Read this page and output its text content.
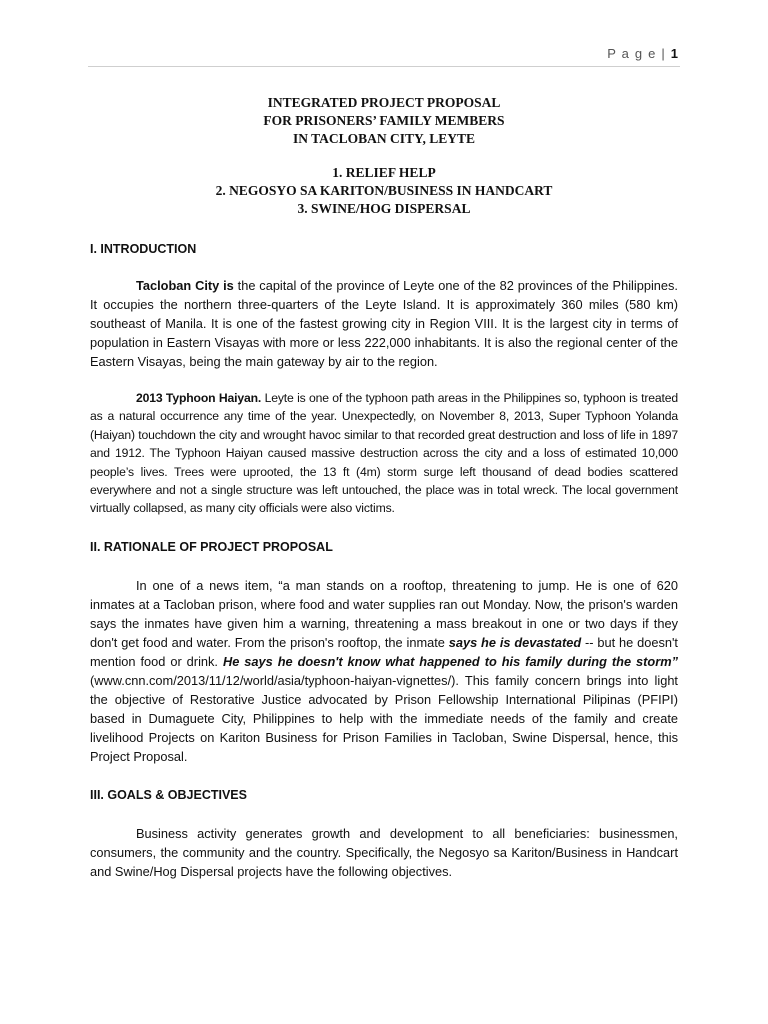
P a g e | 1

INTEGRATED PROJECT PROPOSAL

FOR PRISONERS’ FAMILY MEMBERS

IN TACLOBAN CITY, LEYTE

1. RELIEF HELP

2. NEGOSYO SA KARITON/BUSINESS IN HANDCART

3. SWINE/HOG DISPERSAL

I. INTRODUCTION

Tacloban City is the capital of the province of Leyte one of the 82 provinces of the Philippines. It occupies the northern three-quarters of the Leyte Island. It is approximately 360 miles (580 km) southeast of Manila. It is one of the fastest growing city in Region VIII. It is the largest city in terms of population in Eastern Visayas with more or less 222,000 inhabitants. It is also the regional center of the Eastern Visayas, being the main gateway by air to the region.

2013 Typhoon Haiyan. Leyte is one of the typhoon path areas in the Philippines so, typhoon is treated as a natural occurrence any time of the year. Unexpectedly, on November 8, 2013, Super Typhoon Yolanda (Haiyan) touchdown the city and wrought havoc similar to that recorded great destruction and loss of life in 1897 and 1912. The Typhoon Haiyan caused massive destruction across the city and a loss of estimated 10,000 people’s lives. Trees were uprooted, the 13 ft (4m) storm surge left thousand of dead bodies scattered everywhere and not a single structure was left untouched, the place was in total wreck. The local government virtually collapsed, as many city officials were also victims.

II. RATIONALE OF PROJECT PROPOSAL

In one of a news item, “a man stands on a rooftop, threatening to jump. He is one of 620 inmates at a Tacloban prison, where food and water supplies ran out Monday. Now, the prison's warden says the inmates have given him a warning, threatening a mass breakout in one or two days if they don't get food and water. From the prison's rooftop, the inmate says he is devastated -- but he doesn't mention food or drink. He says he doesn't know what happened to his family during the storm” (www.cnn.com/2013/11/12/world/asia/typhoon-haiyan-vignettes/). This family concern brings into light the objective of Restorative Justice advocated by Prison Fellowship International Pilipinas (PFIPI) based in Dumaguete City, Philippines to help with the immediate needs of the family and create livelihood Projects on Kariton Business for Prison Families in Tacloban, Swine Dispersal, hence, this Project Proposal.

III. GOALS & OBJECTIVES

Business activity generates growth and development to all beneficiaries: businessmen, consumers, the community and the country. Specifically, the Negosyo sa Kariton/Business in Handcart and Swine/Hog Dispersal projects have the following objectives.
